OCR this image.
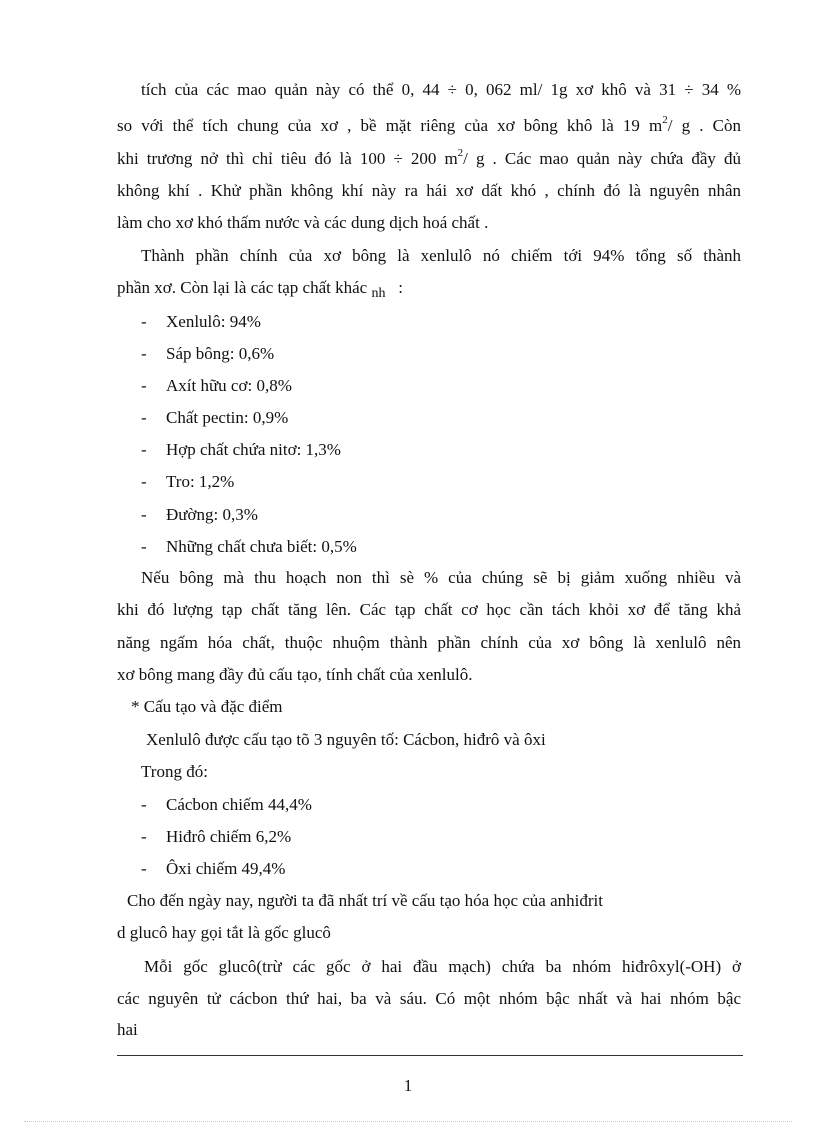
tích của các mao quản này có thể 0, 44 ÷ 0, 062 ml/ 1g xơ khô và 31 ÷ 34 %
so với thể tích chung của xơ , bề mặt riêng của xơ bông khô là 19 $m^2/$ g . Còn
khi trương nở thì chỉ tiêu đó là 100 ÷ 200 $m^2/$ g . Các mao quản này chứa đầy đủ
không khí . Khử phần không khí này ra hái xơ dất khó , chính đó là nguyên nhân
làm cho xơ khó thấm nước và các dung dịch hoá chất .
Thành phần chính của xơ bông là xenlulô nó chiếm tới 94% tổng số thành
phần xơ. Còn lại là các tạp chất khác $_{nh}$ :
- Xenlulô: 94%
- Sáp bông: 0,6%
- Axít hữu cơ: 0,8%
- Chất pectin: 0,9%
- Hợp chất chứa nitơ: 1,3%
- Tro: 1,2%
- Đường: 0,3%
- Những chất chưa biết: 0,5%
Nếu bông mà thu hoạch non thì sè % của chúng sẽ bị giảm xuống nhiều và
khi đó lượng tạp chất tăng lên. Các tạp chất cơ học cần tách khỏi xơ để tăng khả
năng ngấm hóa chất, thuộc nhuộm thành phần chính của xơ bông là xenlulô nên
xơ bông mang đầy đủ cấu tạo, tính chất của xenlulô.
* Cấu tạo và đặc điểm
Xenlulô được cấu tạo tõ 3 nguyên tố: Cácbon, hiđrô và ôxi
Trong đó:
- Cácbon chiếm 44,4%
- Hiđrô chiếm 6,2%
- Ôxi chiếm 49,4%
Cho đến ngày nay, người ta đã nhất trí về cấu tạo hóa học của anhiđrit
d glucô hay gọi tắt là gốc glucô
Mỗi gốc glucô(trừ các gốc ở hai đầu mạch) chứa ba nhóm hiđrôxyl(-OH) ở
các nguyên tử cácbon thứ hai, ba và sáu. Có một nhóm bậc nhất và hai nhóm bậc
hai
1
